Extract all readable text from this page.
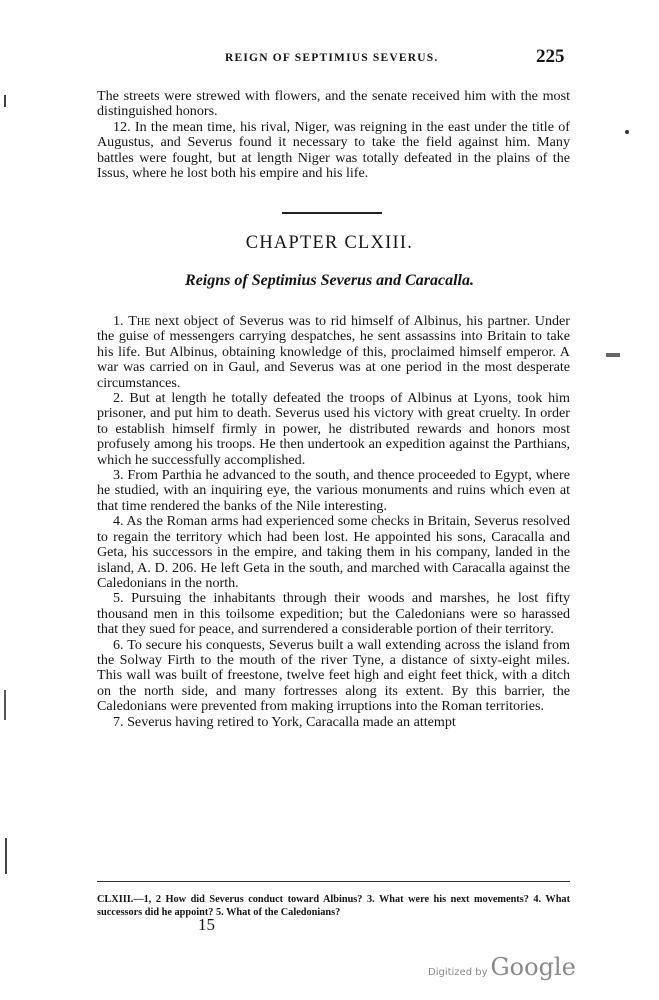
REIGN OF SEPTIMIUS SEVERUS.	225

The streets were strewed with flowers, and the senate received him with the most distinguished honors.

12. In the mean time, his rival, Niger, was reigning in the east under the title of Augustus, and Severus found it necessary to take the field against him. Many battles were fought, but at length Niger was totally defeated in the plains of the Issus, where he lost both his empire and his life.

CHAPTER CLXIII.
Reigns of Septimius Severus and Caracalla.

1. The next object of Severus was to rid himself of Albinus, his partner. Under the guise of messengers carrying despatches, he sent assassins into Britain to take his life. But Albinus, obtaining knowledge of this, proclaimed himself emperor. A war was carried on in Gaul, and Severus was at one period in the most desperate circumstances.

2. But at length he totally defeated the troops of Albinus at Lyons, took him prisoner, and put him to death. Severus used his victory with great cruelty. In order to establish himself firmly in power, he distributed rewards and honors most profusely among his troops. He then undertook an expedition against the Parthians, which he successfully accomplished.

3. From Parthia he advanced to the south, and thence proceeded to Egypt, where he studied, with an inquiring eye, the various monuments and ruins which even at that time rendered the banks of the Nile interesting.

4. As the Roman arms had experienced some checks in Britain, Severus resolved to regain the territory which had been lost. He appointed his sons, Caracalla and Geta, his successors in the empire, and taking them in his company, landed in the island, A. D. 206. He left Geta in the south, and marched with Caracalla against the Caledonians in the north.

5. Pursuing the inhabitants through their woods and marshes, he lost fifty thousand men in this toilsome expedition; but the Caledonians were so harassed that they sued for peace, and surrendered a considerable portion of their territory.

6. To secure his conquests, Severus built a wall extending across the island from the Solway Firth to the mouth of the river Tyne, a distance of sixty-eight miles. This wall was built of freestone, twelve feet high and eight feet thick, with a ditch on the north side, and many fortresses along its extent. By this barrier, the Caledonians were prevented from making irruptions into the Roman territories.

7. Severus having retired to York, Caracalla made an attempt

CLXIII.—1, 2 How did Severus conduct toward Albinus? 3. What were his next movements? 4. What successors did he appoint? 5. What of the Caledonians?
15
Digitized by Google
